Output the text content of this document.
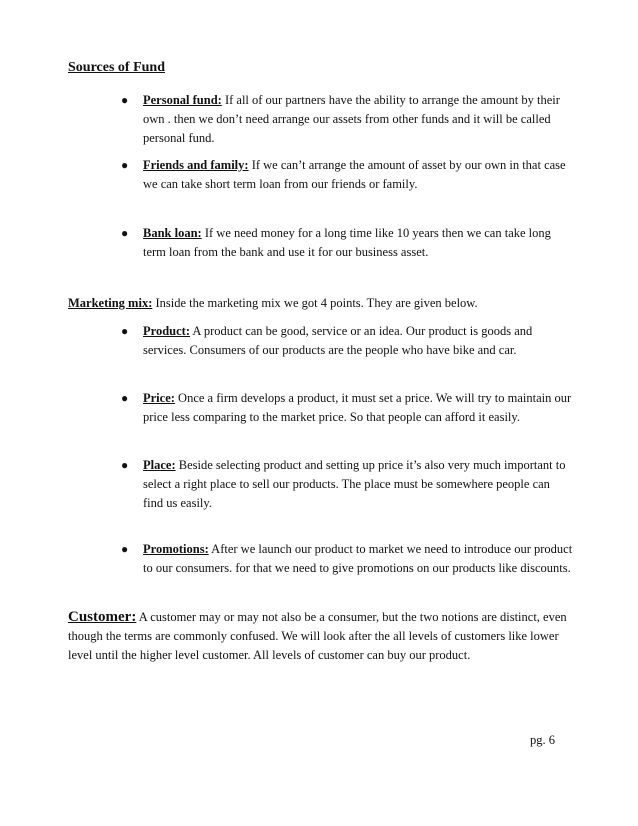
Sources of Fund
● Personal fund: If all of our partners have the ability to arrange the amount by their own . then we don’t need arrange our assets from other funds and it will be called personal fund.
● Friends and family: If we can’t arrange the amount of asset by our own in that case we can take short term loan from our friends or family.
● Bank loan: If we need money for a long time like 10 years then we can take long term loan from the bank and use it for our business asset.
Marketing mix: Inside the marketing mix we got 4 points. They are given below.
● Product: A product can be good, service or an idea. Our product is goods and services. Consumers of our products are the people who have bike and car.
● Price: Once a firm develops a product, it must set a price. We will try to maintain our price less comparing to the market price. So that people can afford it easily.
● Place: Beside selecting product and setting up price it’s also very much important to select a right place to sell our products. The place must be somewhere people can find us easily.
● Promotions: After we launch our product to market we need to introduce our product to our consumers. for that we need to give promotions on our products like discounts.
Customer: A customer may or may not also be a consumer, but the two notions are distinct, even though the terms are commonly confused. We will look after the all levels of customers like lower level until the higher level customer. All levels of customer can buy our product.
pg. 6
